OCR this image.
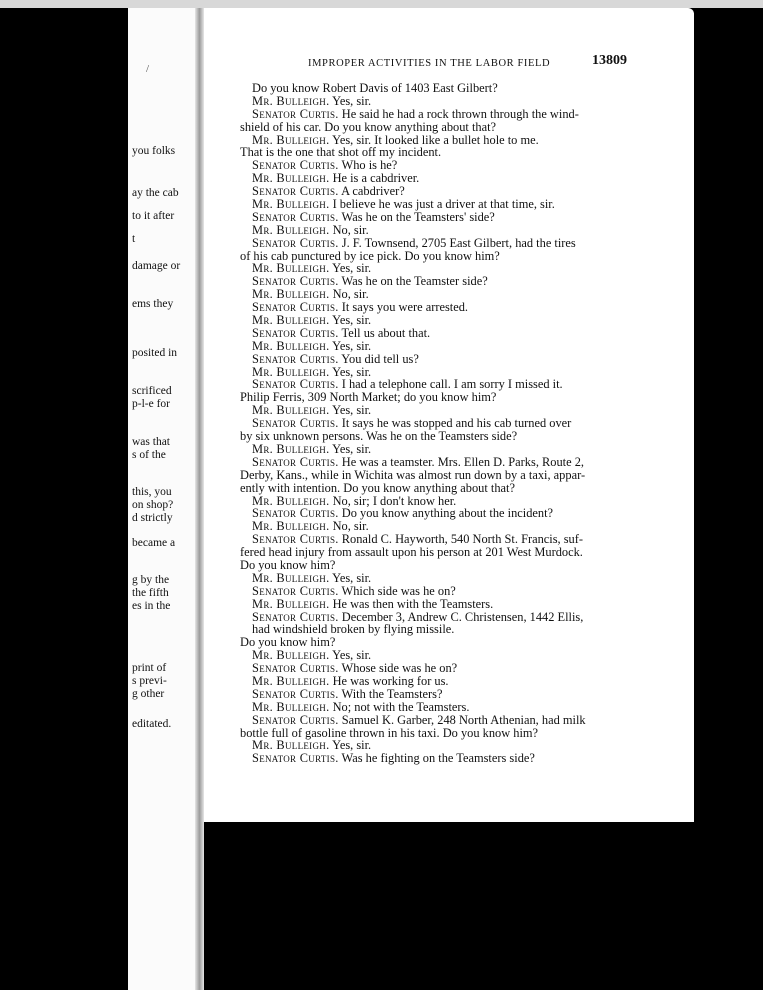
/
you folks
ay the cab
to it after
t
damage or
ems they
posited in
scrificed
p-l-e for
was that
s of the
this, you
on shop?
d strictly
became a
g by the
the fifth
es in the
print of
s previ-
g other
editated.
IMPROPER ACTIVITIES IN THE LABOR FIELD	13809
Do you know Robert Davis of 1403 East Gilbert?
Mr. Bulleigh. Yes, sir.
Senator Curtis. He said he had a rock thrown through the wind-
shield of his car. Do you know anything about that?
Mr. Bulleigh. Yes, sir. It looked like a bullet hole to me.
That is the one that shot off my incident.
Senator Curtis. Who is he?
Mr. Bulleigh. He is a cabdriver.
Senator Curtis. A cabdriver?
Mr. Bulleigh. I believe he was just a driver at that time, sir.
Senator Curtis. Was he on the Teamsters' side?
Mr. Bulleigh. No, sir.
Senator Curtis. J. F. Townsend, 2705 East Gilbert, had the tires
of his cab punctured by ice pick. Do you know him?
Mr. Bulleigh. Yes, sir.
Senator Curtis. Was he on the Teamster side?
Mr. Bulleigh. No, sir.
Senator Curtis. It says you were arrested.
Mr. Bulleigh. Yes, sir.
Senator Curtis. Tell us about that.
Mr. Bulleigh. Yes, sir.
Senator Curtis. You did tell us?
Mr. Bulleigh. Yes, sir.
Senator Curtis. I had a telephone call. I am sorry I missed it.
Philip Ferris, 309 North Market; do you know him?
Mr. Bulleigh. Yes, sir.
Senator Curtis. It says he was stopped and his cab turned over
by six unknown persons. Was he on the Teamsters side?
Mr. Bulleigh. Yes, sir.
Senator Curtis. He was a teamster. Mrs. Ellen D. Parks, Route 2,
Derby, Kans., while in Wichita was almost run down by a taxi, appar-
ently with intention. Do you know anything about that?
Mr. Bulleigh. No, sir; I don't know her.
Senator Curtis. Do you know anything about the incident?
Mr. Bulleigh. No, sir.
Senator Curtis. Ronald C. Hayworth, 540 North St. Francis, suf-
fered head injury from assault upon his person at 201 West Murdock.
Do you know him?
Mr. Bulleigh. Yes, sir.
Senator Curtis. Which side was he on?
Mr. Bulleigh. He was then with the Teamsters.
Senator Curtis. December 3, Andrew C. Christensen, 1442 Ellis,
had windshield broken by flying missile.
Do you know him?
Mr. Bulleigh. Yes, sir.
Senator Curtis. Whose side was he on?
Mr. Bulleigh. He was working for us.
Senator Curtis. With the Teamsters?
Mr. Bulleigh. No; not with the Teamsters.
Senator Curtis. Samuel K. Garber, 248 North Athenian, had milk
bottle full of gasoline thrown in his taxi. Do you know him?
Mr. Bulleigh. Yes, sir.
Senator Curtis. Was he fighting on the Teamsters side?
